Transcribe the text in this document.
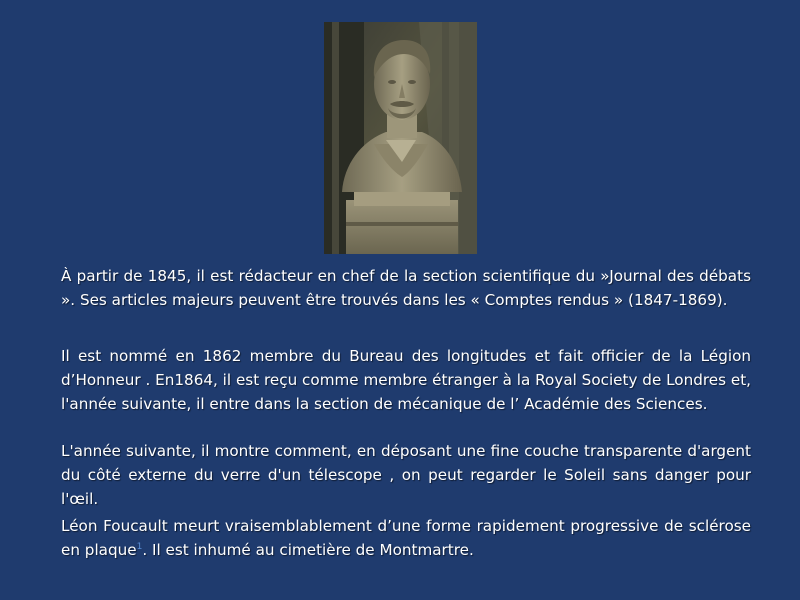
À partir de 1845, il est rédacteur en chef de la section scientifique du »Journal des débats ». Ses articles majeurs peuvent être trouvés dans les « Comptes rendus » (1847-1869).

Il est nommé en 1862 membre du Bureau des longitudes et fait officier de la Légion d’Honneur . En1864, il est reçu comme membre étranger à la Royal Society de Londres et, l'année suivante, il entre dans la section de mécanique de l’ Académie des Sciences.

L'année suivante, il montre comment, en déposant une fine couche transparente d'argent du côté externe du verre d'un télescope , on peut regarder le Soleil sans danger pour l'œil.

Léon Foucault meurt vraisemblablement d’une forme rapidement progressive de sclérose en plaque$^1$. Il est inhumé au cimetière de Montmartre.
